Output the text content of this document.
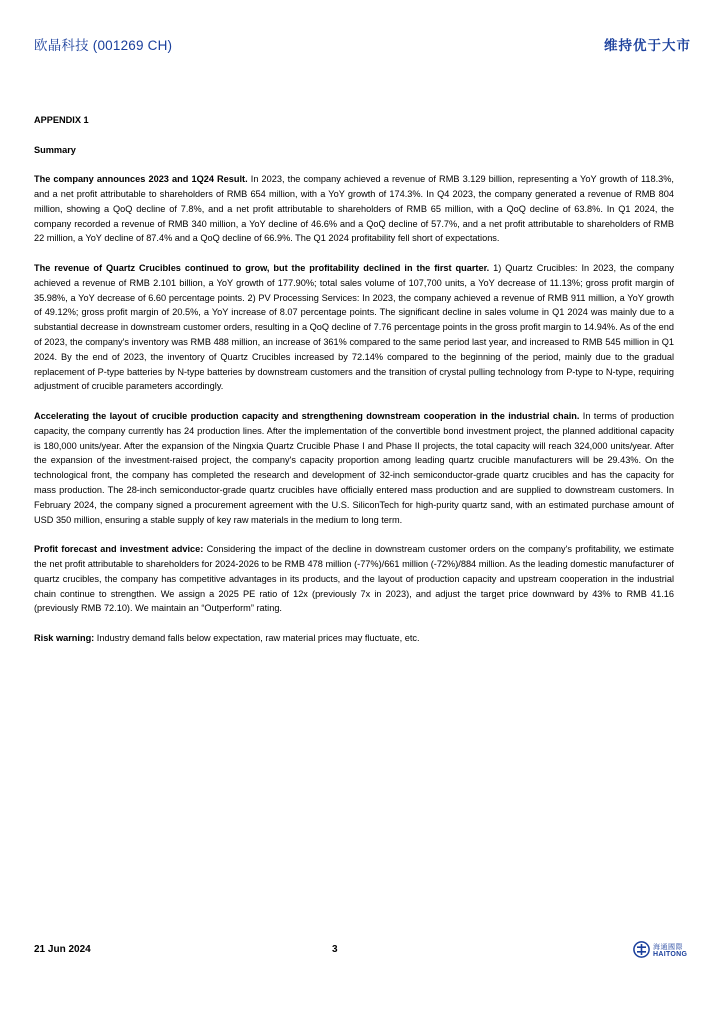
欧晶科技 (001269 CH)	维持优于大市

APPENDIX 1

Summary

The company announces 2023 and 1Q24 Result. In 2023, the company achieved a revenue of RMB 3.129 billion, representing a YoY growth of 118.3%, and a net profit attributable to shareholders of RMB 654 million, with a YoY growth of 174.3%. In Q4 2023, the company generated a revenue of RMB 804 million, showing a QoQ decline of 7.8%, and a net profit attributable to shareholders of RMB 65 million, with a QoQ decline of 63.8%. In Q1 2024, the company recorded a revenue of RMB 340 million, a YoY decline of 46.6% and a QoQ decline of 57.7%, and a net profit attributable to shareholders of RMB 22 million, a YoY decline of 87.4% and a QoQ decline of 66.9%. The Q1 2024 profitability fell short of expectations.

The revenue of Quartz Crucibles continued to grow, but the profitability declined in the first quarter. 1) Quartz Crucibles: In 2023, the company achieved a revenue of RMB 2.101 billion, a YoY growth of 177.90%; total sales volume of 107,700 units, a YoY decrease of 11.13%; gross profit margin of 35.98%, a YoY decrease of 6.60 percentage points. 2) PV Processing Services: In 2023, the company achieved a revenue of RMB 911 million, a YoY growth of 49.12%; gross profit margin of 20.5%, a YoY increase of 8.07 percentage points. The significant decline in sales volume in Q1 2024 was mainly due to a substantial decrease in downstream customer orders, resulting in a QoQ decline of 7.76 percentage points in the gross profit margin to 14.94%. As of the end of 2023, the company's inventory was RMB 488 million, an increase of 361% compared to the same period last year, and increased to RMB 545 million in Q1 2024. By the end of 2023, the inventory of Quartz Crucibles increased by 72.14% compared to the beginning of the period, mainly due to the gradual replacement of P-type batteries by N-type batteries by downstream customers and the transition of crystal pulling technology from P-type to N-type, requiring adjustment of crucible parameters accordingly.

Accelerating the layout of crucible production capacity and strengthening downstream cooperation in the industrial chain. In terms of production capacity, the company currently has 24 production lines. After the implementation of the convertible bond investment project, the planned additional capacity is 180,000 units/year. After the expansion of the Ningxia Quartz Crucible Phase I and Phase II projects, the total capacity will reach 324,000 units/year. After the expansion of the investment-raised project, the company's capacity proportion among leading quartz crucible manufacturers will be 29.43%. On the technological front, the company has completed the research and development of 32-inch semiconductor-grade quartz crucibles and has the capacity for mass production. The 28-inch semiconductor-grade quartz crucibles have officially entered mass production and are supplied to downstream customers. In February 2024, the company signed a procurement agreement with the U.S. SiliconTech for high-purity quartz sand, with an estimated purchase amount of USD 350 million, ensuring a stable supply of key raw materials in the medium to long term.

Profit forecast and investment advice: Considering the impact of the decline in downstream customer orders on the company's profitability, we estimate the net profit attributable to shareholders for 2024-2026 to be RMB 478 million (-77%)/661 million (-72%)/884 million. As the leading domestic manufacturer of quartz crucibles, the company has competitive advantages in its products, and the layout of production capacity and upstream cooperation in the industrial chain continue to strengthen. We assign a 2025 PE ratio of 12x (previously 7x in 2023), and adjust the target price downward by 43% to RMB 41.16 (previously RMB 72.10). We maintain an “Outperform” rating.

Risk warning: Industry demand falls below expectation, raw material prices may fluctuate, etc.

21 Jun 2024	3	海通國際
HAITONG
